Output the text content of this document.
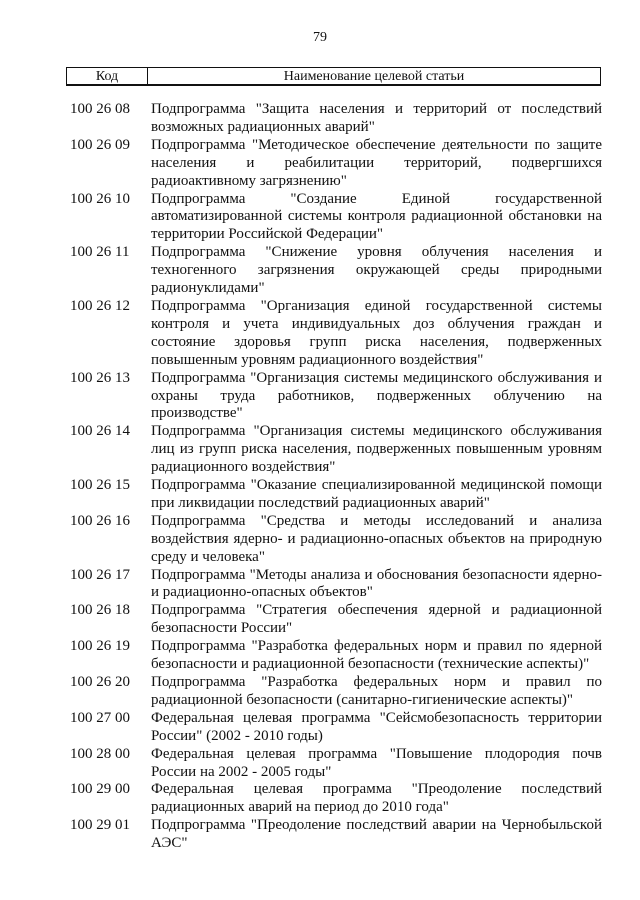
79
Код	Наименование целевой статьи
100 26 08	Подпрограмма "Защита населения и территорий от последствий возможных радиационных аварий"
100 26 09	Подпрограмма "Методическое обеспечение деятельности по защите населения и реабилитации территорий, подвергшихся радиоактивному загрязнению"
100 26 10	Подпрограмма "Создание Единой государственной автоматизированной системы контроля радиационной обстановки на территории Российской Федерации"
100 26 11	Подпрограмма "Снижение уровня облучения населения и техногенного загрязнения окружающей среды природными радионуклидами"
100 26 12	Подпрограмма "Организация единой государственной системы контроля и учета индивидуальных доз облучения граждан и состояние здоровья групп риска населения, подверженных повышенным уровням радиационного воздействия"
100 26 13	Подпрограмма "Организация системы медицинского обслуживания и охраны труда работников, подверженных облучению на производстве"
100 26 14	Подпрограмма "Организация системы медицинского обслуживания лиц из групп риска населения, подверженных повышенным уровням радиационного воздействия"
100 26 15	Подпрограмма "Оказание специализированной медицинской помощи при ликвидации последствий радиационных аварий"
100 26 16	Подпрограмма "Средства и методы исследований и анализа воздействия ядерно- и радиационно-опасных объектов на природную среду и человека"
100 26 17	Подпрограмма "Методы анализа и обоснования безопасности ядерно- и радиационно-опасных объектов"
100 26 18	Подпрограмма "Стратегия обеспечения ядерной и радиационной безопасности России"
100 26 19	Подпрограмма "Разработка федеральных норм и правил по ядерной безопасности и радиационной безопасности (технические аспекты)"
100 26 20	Подпрограмма "Разработка федеральных норм и правил по радиационной безопасности (санитарно-гигиенические аспекты)"
100 27 00	Федеральная целевая программа "Сейсмобезопасность территории России" (2002 - 2010 годы)
100 28 00	Федеральная целевая программа "Повышение плодородия почв России на 2002 - 2005 годы"
100 29 00	Федеральная целевая программа "Преодоление последствий радиационных аварий на период до 2010 года"
100 29 01	Подпрограмма "Преодоление последствий аварии на Чернобыльской АЭС"
